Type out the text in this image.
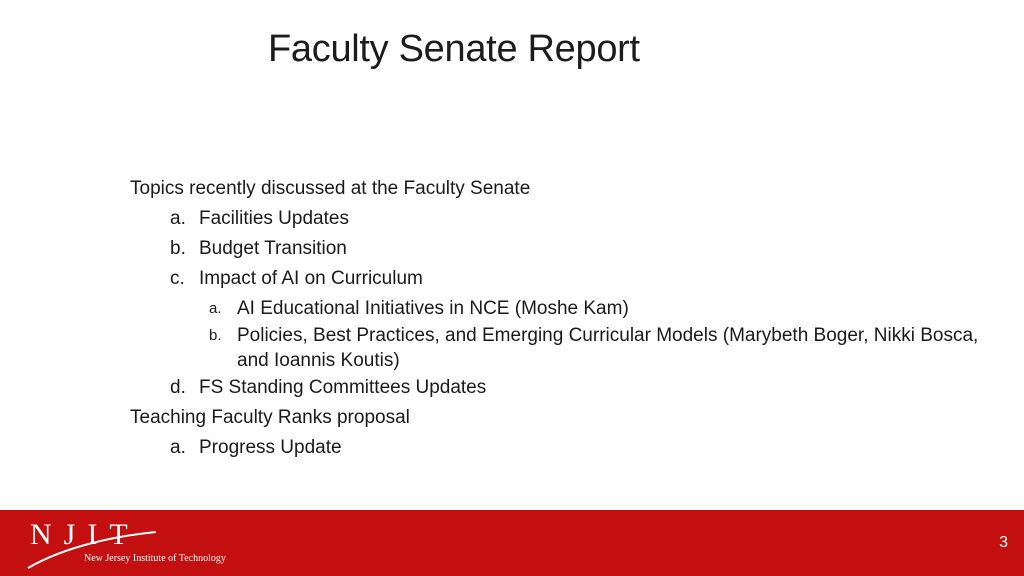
Faculty Senate Report
Topics recently discussed at the Faculty Senate
a. Facilities Updates
b. Budget Transition
c. Impact of AI on Curriculum
a. AI Educational Initiatives in NCE (Moshe Kam)
b. Policies, Best Practices, and Emerging Curricular Models (Marybeth Boger, Nikki Bosca, and Ioannis Koutis)
d. FS Standing Committees Updates
Teaching Faculty Ranks proposal
a. Progress Update
NJIT
New Jersey Institute of Technology
3
